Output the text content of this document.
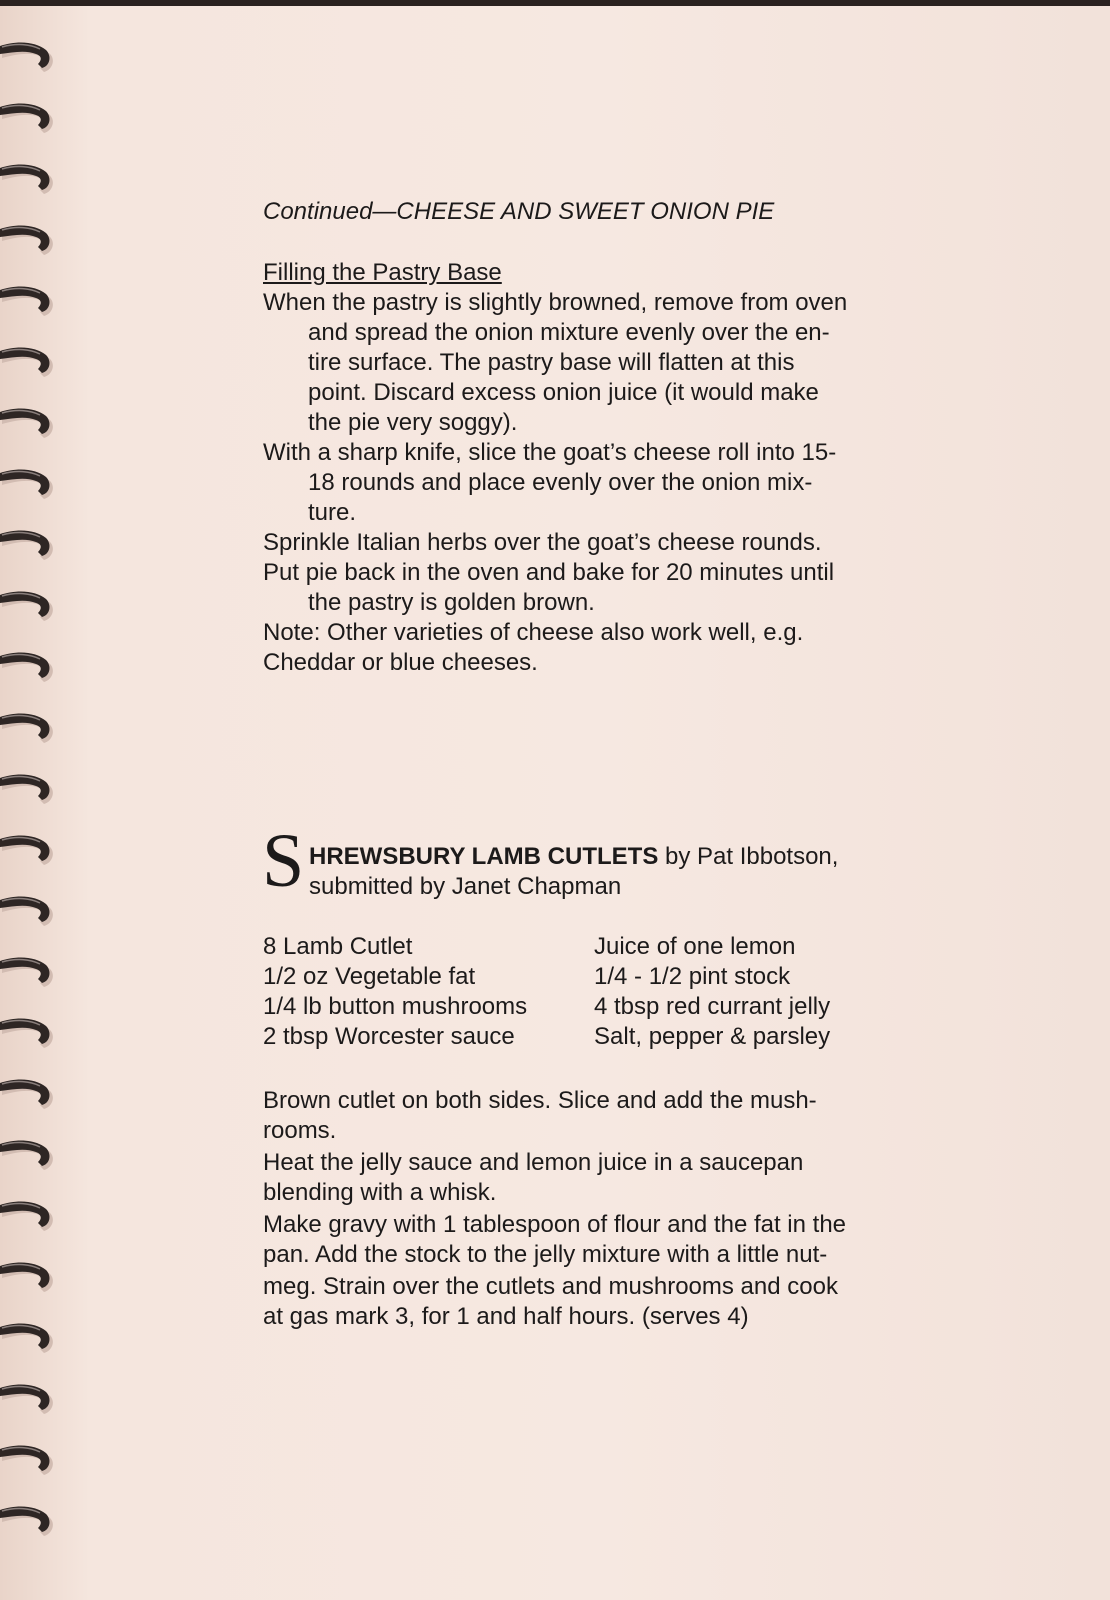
Continued—CHEESE AND SWEET ONION PIE

Filling the Pastry Base

When the pastry is slightly browned, remove from oven

and spread the onion mixture evenly over the en-

tire surface. The pastry base will flatten at this

point. Discard excess onion juice (it would make

the pie very soggy).

With a sharp knife, slice the goat’s cheese roll into 15-

18 rounds and place evenly over the onion mix-

ture.

Sprinkle Italian herbs over the goat’s cheese rounds.

Put pie back in the oven and bake for 20 minutes until

the pastry is golden brown.

Note: Other varieties of cheese also work well, e.g.

Cheddar or blue cheeses.

S HREWSBURY LAMB CUTLETS by Pat Ibbotson,

submitted by Janet Chapman

8 Lamb Cutlet

1/2 oz Vegetable fat

1/4 lb button mushrooms

2 tbsp Worcester sauce

Juice of one lemon

1/4 - 1/2 pint stock

4 tbsp red currant jelly

Salt, pepper & parsley

Brown cutlet on both sides. Slice and add the mush-

rooms.

Heat the jelly sauce and lemon juice in a saucepan

blending with a whisk.

Make gravy with 1 tablespoon of flour and the fat in the

pan. Add the stock to the jelly mixture with a little nut-

meg. Strain over the cutlets and mushrooms and cook

at gas mark 3, for 1 and half hours. (serves 4)
